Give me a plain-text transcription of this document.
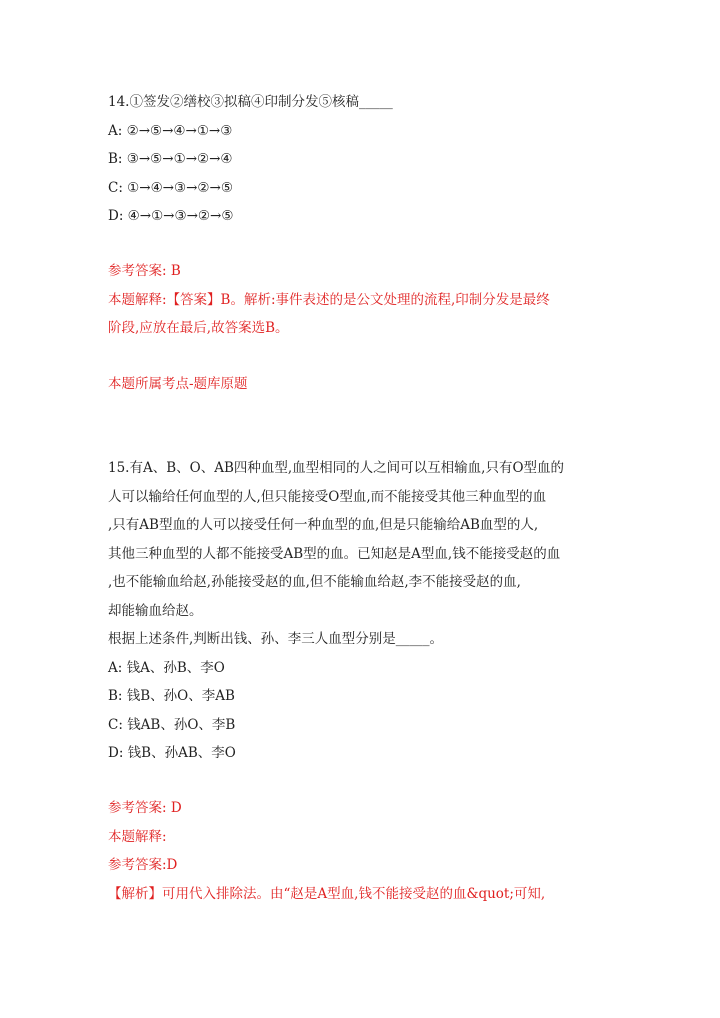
14.①签发②缮校③拟稿④印制分发⑤核稿_____
A: ②→⑤→④→①→③
B: ③→⑤→①→②→④
C: ①→④→③→②→⑤
D: ④→①→③→②→⑤
参考答案: B
本题解释:【答案】B。解析:事件表述的是公文处理的流程,印制分发是最终
阶段,应放在最后,故答案选B。
本题所属考点-题库原题
15.有A、B、O、AB四种血型,血型相同的人之间可以互相输血,只有O型血的
人可以输给任何血型的人,但只能接受O型血,而不能接受其他三种血型的血
,只有AB型血的人可以接受任何一种血型的血,但是只能输给AB血型的人,
其他三种血型的人都不能接受AB型的血。已知赵是A型血,钱不能接受赵的血
,也不能输血给赵,孙能接受赵的血,但不能输血给赵,李不能接受赵的血,
却能输血给赵。
根据上述条件,判断出钱、孙、李三人血型分别是_____。
A: 钱A、孙B、李O
B: 钱B、孙O、李AB
C: 钱AB、孙O、李B
D: 钱B、孙AB、李O
参考答案: D
本题解释:
参考答案:D
【解析】可用代入排除法。由“赵是A型血,钱不能接受赵的血&quot;可知,
